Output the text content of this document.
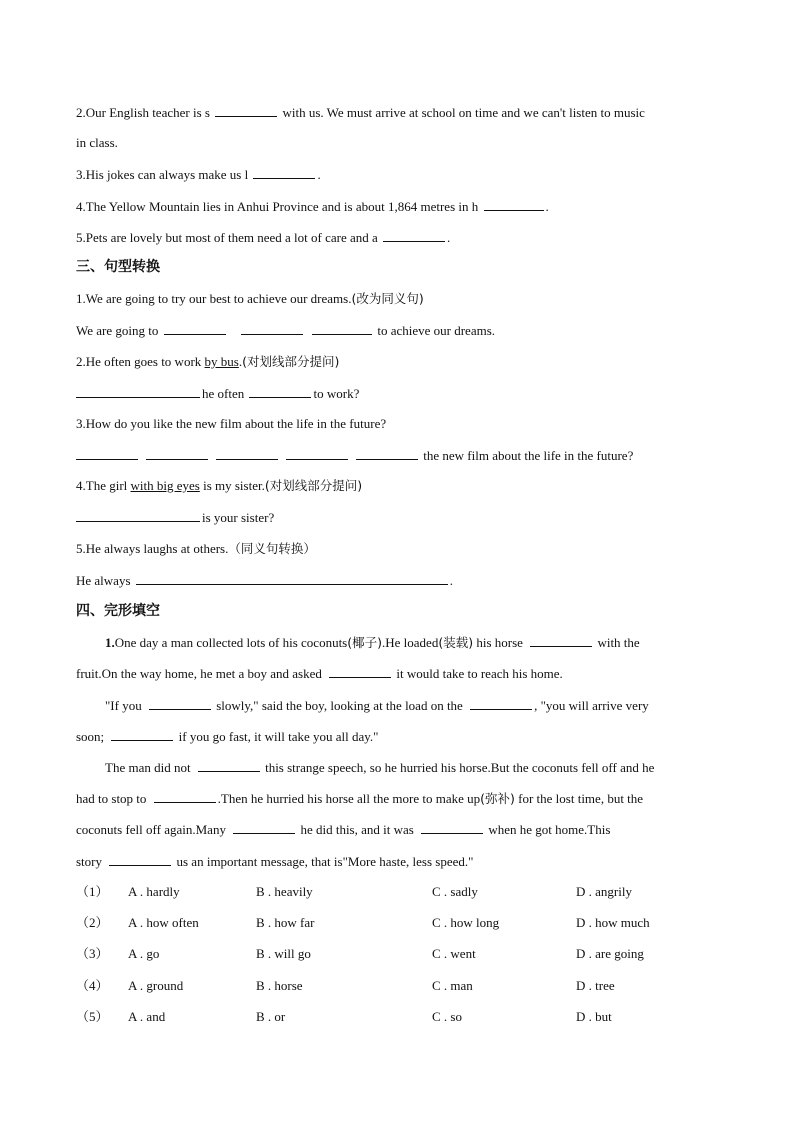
2.Our English teacher is s	with us. We must arrive at school on time and we can't listen to music
in class.
3.His jokes can always make us l	.
4.The Yellow Mountain lies in Anhui Province and is about 1,864 metres in h	.
5.Pets are lovely but most of them need a lot of care and a	.
三、句型转换
1.We are going to try our best to achieve our dreams.(改为同义句)
We are going to	to achieve our dreams.
2.He often goes to work by bus.(对划线部分提问)
he often	to work?
3.How do you like the new film about the life in the future?
the new film about the life in the future?
4.The girl with big eyes is my sister.(对划线部分提问)
is your sister?
5.He always laughs at others.（同义句转换）
He always	.
四、完形填空
1.One day a man collected lots of his coconuts(椰子).He loaded(装载) his horse	with the
fruit.On the way home, he met a boy and asked	it would take to reach his home.
"If you	slowly," said the boy, looking at the load on the	, "you will arrive very
soon;	if you go fast, it will take you all day."
The man did not	this strange speech, so he hurried his horse.But the coconuts fell off and he
had to stop to	.Then he hurried his horse all the more to make up(弥补) for the lost time, but the
coconuts fell off again.Many	he did this, and it was	when he got home.This
story	us an important message, that is"More haste, less speed."
（1） A . hardly	B . heavily	C . sadly	D . angrily
（2） A . how often	B . how far	C . how long	D . how much
（3） A . go	B . will go	C . went	D . are going
（4） A . ground	B . horse	C . man	D . tree
（5） A . and	B . or	C . so	D . but
